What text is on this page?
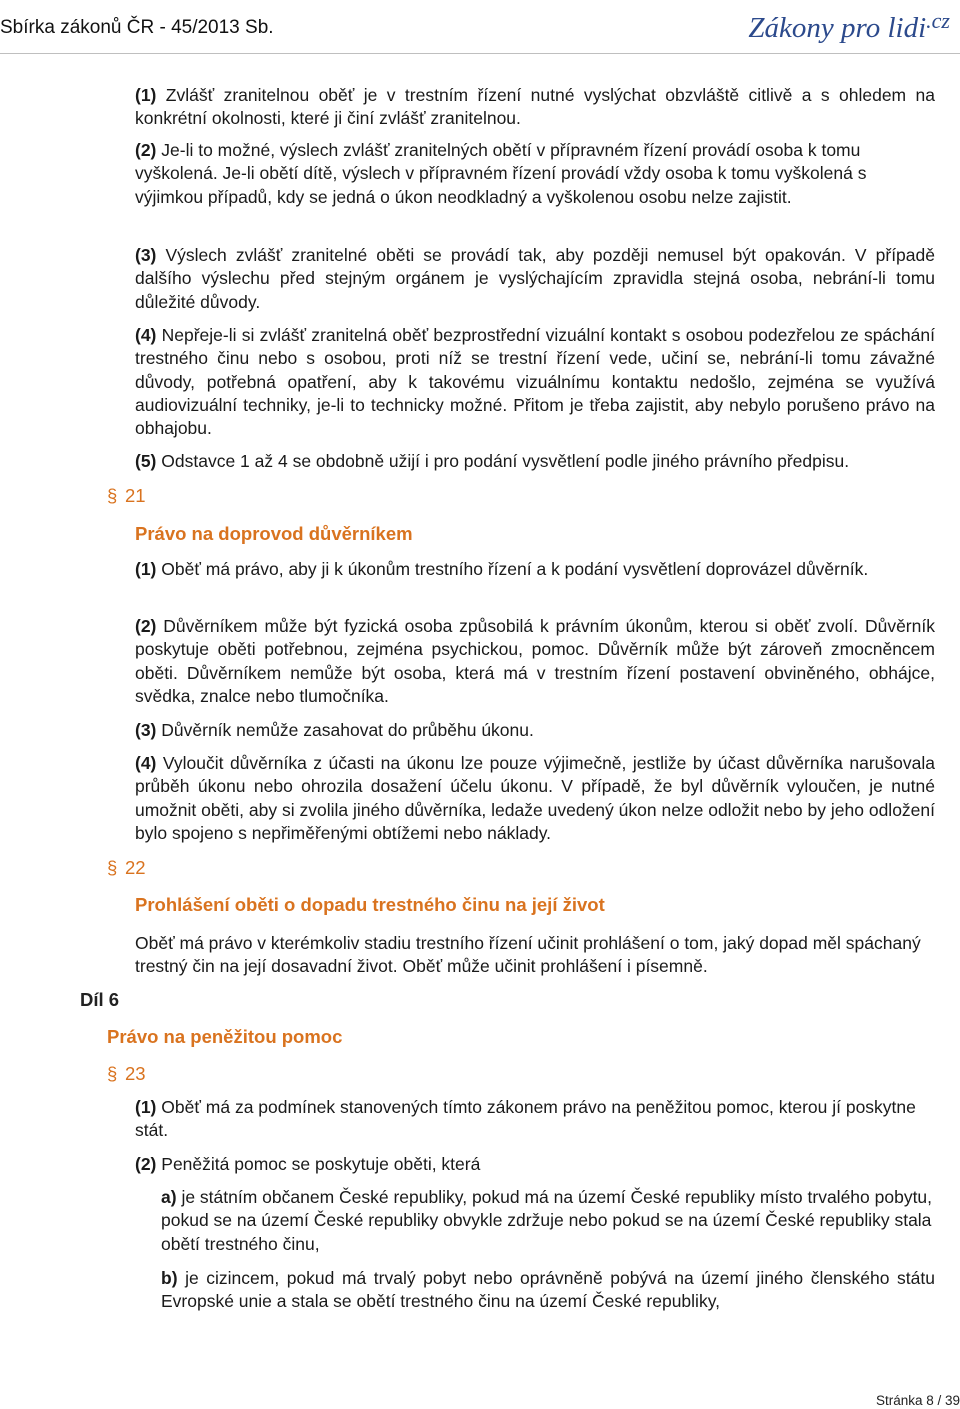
Sbírka zákonů ČR - 45/2013 Sb.	Zákony pro lidi$^{.cz}$

(1) Zvlášť zranitelnou oběť je v trestním řízení nutné vyslýchat obzvláště citlivě a s ohledem na konkrétní okolnosti, které ji činí zvlášť zranitelnou.

(2) Je-li to možné, výslech zvlášť zranitelných obětí v přípravném řízení provádí osoba k tomu vyškolená. Je-li obětí dítě, výslech v přípravném řízení provádí vždy osoba k tomu vyškolená s výjimkou případů, kdy se jedná o úkon neodkladný a vyškolenou osobu nelze zajistit.

(3) Výslech zvlášť zranitelné oběti se provádí tak, aby později nemusel být opakován. V případě dalšího výslechu před stejným orgánem je vyslýchajícím zpravidla stejná osoba, nebrání-li tomu důležité důvody.

(4) Nepřeje-li si zvlášť zranitelná oběť bezprostřední vizuální kontakt s osobou podezřelou ze spáchání trestného činu nebo s osobou, proti níž se trestní řízení vede, učiní se, nebrání-li tomu závažné důvody, potřebná opatření, aby k takovému vizuálnímu kontaktu nedošlo, zejména se využívá audiovizuální techniky, je-li to technicky možné. Přitom je třeba zajistit, aby nebylo porušeno právo na obhajobu.

(5) Odstavce 1 až 4 se obdobně užijí i pro podání vysvětlení podle jiného právního předpisu.

§ 21
Právo na doprovod důvěrníkem

(1) Oběť má právo, aby ji k úkonům trestního řízení a k podání vysvětlení doprovázel důvěrník.

(2) Důvěrníkem může být fyzická osoba způsobilá k právním úkonům, kterou si oběť zvolí. Důvěrník poskytuje oběti potřebnou, zejména psychickou, pomoc. Důvěrník může být zároveň zmocněncem oběti. Důvěrníkem nemůže být osoba, která má v trestním řízení postavení obviněného, obhájce, svědka, znalce nebo tlumočníka.

(3) Důvěrník nemůže zasahovat do průběhu úkonu.

(4) Vyloučit důvěrníka z účasti na úkonu lze pouze výjimečně, jestliže by účast důvěrníka narušovala průběh úkonu nebo ohrozila dosažení účelu úkonu. V případě, že byl důvěrník vyloučen, je nutné umožnit oběti, aby si zvolila jiného důvěrníka, ledaže uvedený úkon nelze odložit nebo by jeho odložení bylo spojeno s nepřiměřenými obtížemi nebo náklady.

§ 22
Prohlášení oběti o dopadu trestného činu na její život

Oběť má právo v kterémkoliv stadiu trestního řízení učinit prohlášení o tom, jaký dopad měl spáchaný trestný čin na její dosavadní život. Oběť může učinit prohlášení i písemně.

Díl 6
Právo na peněžitou pomoc
§ 23

(1) Oběť má za podmínek stanovených tímto zákonem právo na peněžitou pomoc, kterou jí poskytne stát.

(2) Peněžitá pomoc se poskytuje oběti, která

a) je státním občanem České republiky, pokud má na území České republiky místo trvalého pobytu, pokud se na území České republiky obvykle zdržuje nebo pokud se na území České republiky stala obětí trestného činu,

b) je cizincem, pokud má trvalý pobyt nebo oprávněně pobývá na území jiného členského státu Evropské unie a stala se obětí trestného činu na území České republiky,

Stránka 8 / 39
